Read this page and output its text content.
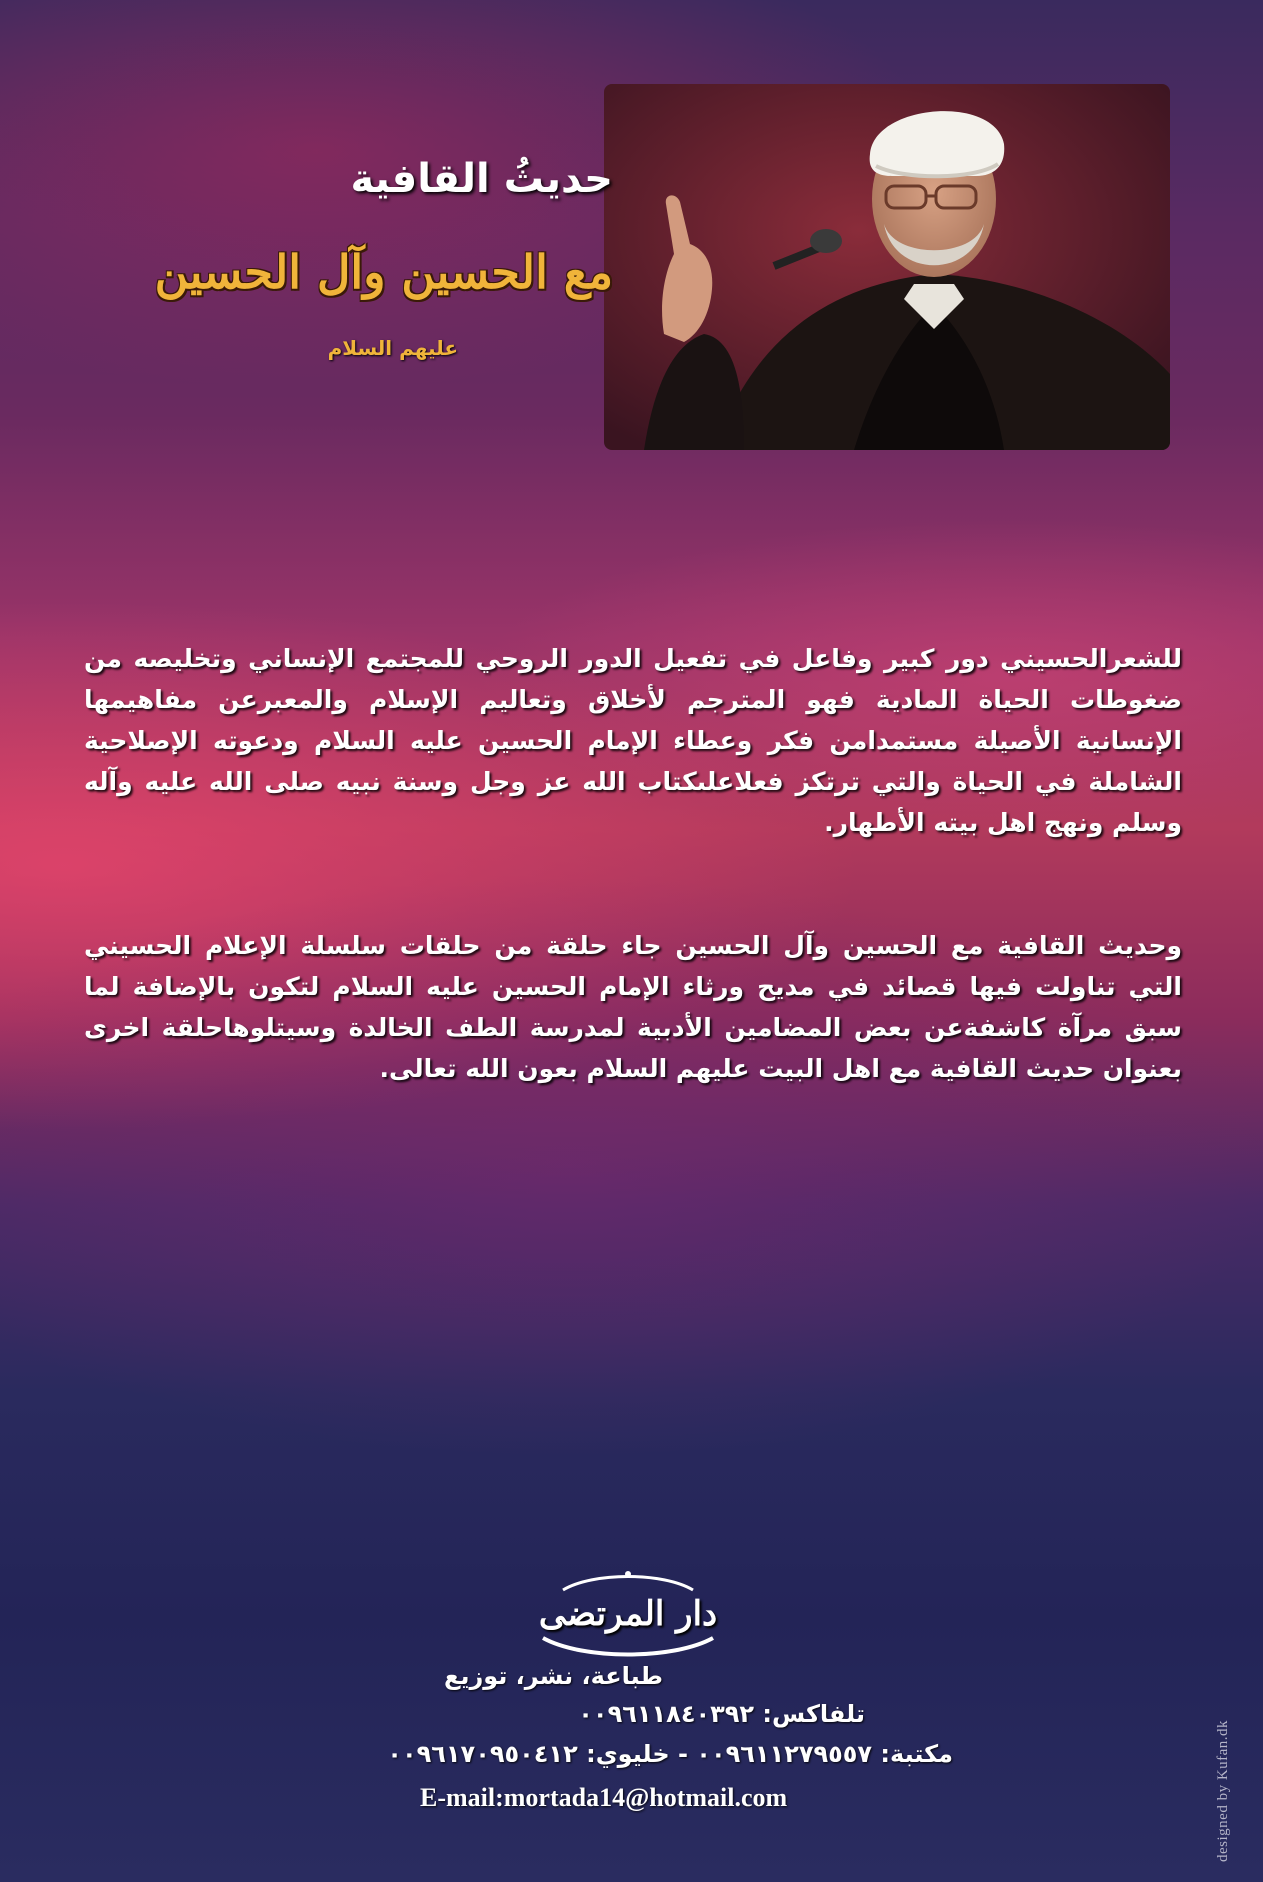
حديثُ القافية
مع الحسين وآل الحسين

عليهم السلام

للشعرالحسيني دور كبير وفاعل في تفعيل الدور الروحي للمجتمع الإنساني وتخليصه من ضغوطات الحياة المادية فهو المترجم لأخلاق وتعاليم الإسلام والمعبرعن مفاهيمها الإنسانية الأصيلة مستمدامن فكر وعطاء الإمام الحسين عليه السلام ودعوته الإصلاحية الشاملة في الحياة والتي ترتكز فعلاعلىكتاب الله عز وجل وسنة نبيه صلى الله عليه وآله وسلم ونهج اهل بيته الأطهار.

وحديث القافية مع الحسين وآل الحسين جاء حلقة من حلقات سلسلة الإعلام الحسيني التي تناولت فيها قصائد في مديح ورثاء الإمام الحسين عليه السلام لتكون بالإضافة لما سبق مرآة كاشفةعن بعض المضامين الأدبية لمدرسة الطف الخالدة وسيتلوهاحلقة اخرى بعنوان حديث القافية مع اهل البيت عليهم السلام بعون الله تعالى.

دار المرتضى

طباعة، نشر، توزيع

تلفاكس: ٠٠٩٦١١٨٤٠٣٩٢

مكتبة: ٠٠٩٦١١٢٧٩٥٥٧ - خليوي: ٠٠٩٦١٧٠٩٥٠٤١٢

E-mail:mortada14@hotmail.com	designed by Kufan.dk
